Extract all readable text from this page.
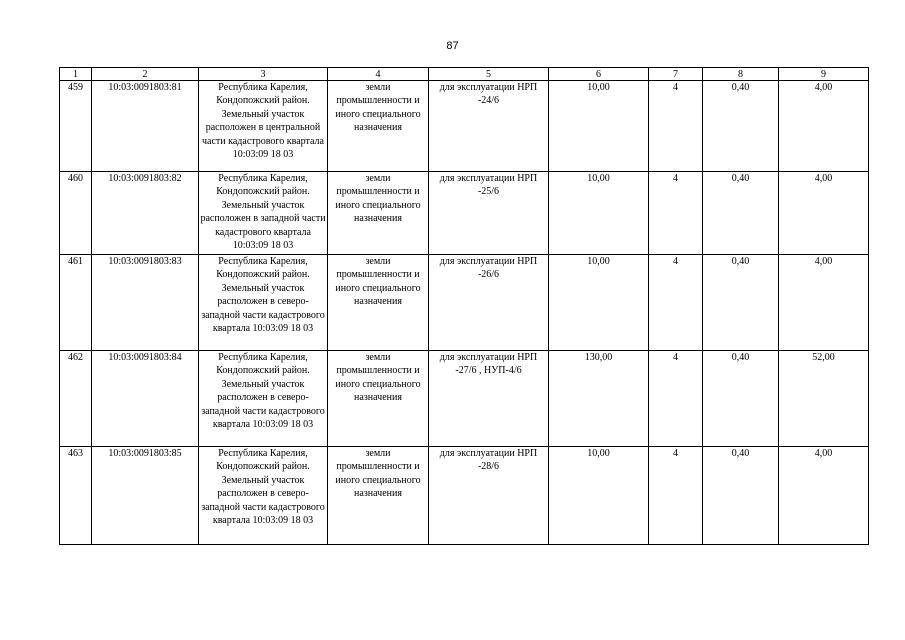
87
1	2	3	4	5	6	7	8	9
459	10:03:0091803:81	Республика Карелия, Кондопожский район. Земельный участок расположен в центральной части кадастрового квартала 10:03:09 18 03	земли промышленности и иного специального назначения	для эксплуатации НРП -24/6	10,00	4	0,40	4,00
460	10:03:0091803:82	Республика Карелия, Кондопожский район. Земельный участок расположен в западной части кадастрового квартала 10:03:09 18 03	земли промышленности и иного специального назначения	для эксплуатации НРП -25/6	10,00	4	0,40	4,00
461	10:03:0091803:83	Республика Карелия, Кондопожский район. Земельный участок расположен в северо-западной части кадастрового квартала 10:03:09 18 03	земли промышленности и иного специального назначения	для эксплуатации НРП -26/6	10,00	4	0,40	4,00
462	10:03:0091803:84	Республика Карелия, Кондопожский район. Земельный участок расположен в северо-западной части кадастрового квартала 10:03:09 18 03	земли промышленности и иного специального назначения	для эксплуатации НРП -27/6 , НУП-4/6	130,00	4	0,40	52,00
463	10:03:0091803:85	Республика Карелия, Кондопожский район. Земельный участок расположен в северо-западной части кадастрового квартала 10:03:09 18 03	земли промышленности и иного специального назначения	для эксплуатации НРП -28/6	10,00	4	0,40	4,00
